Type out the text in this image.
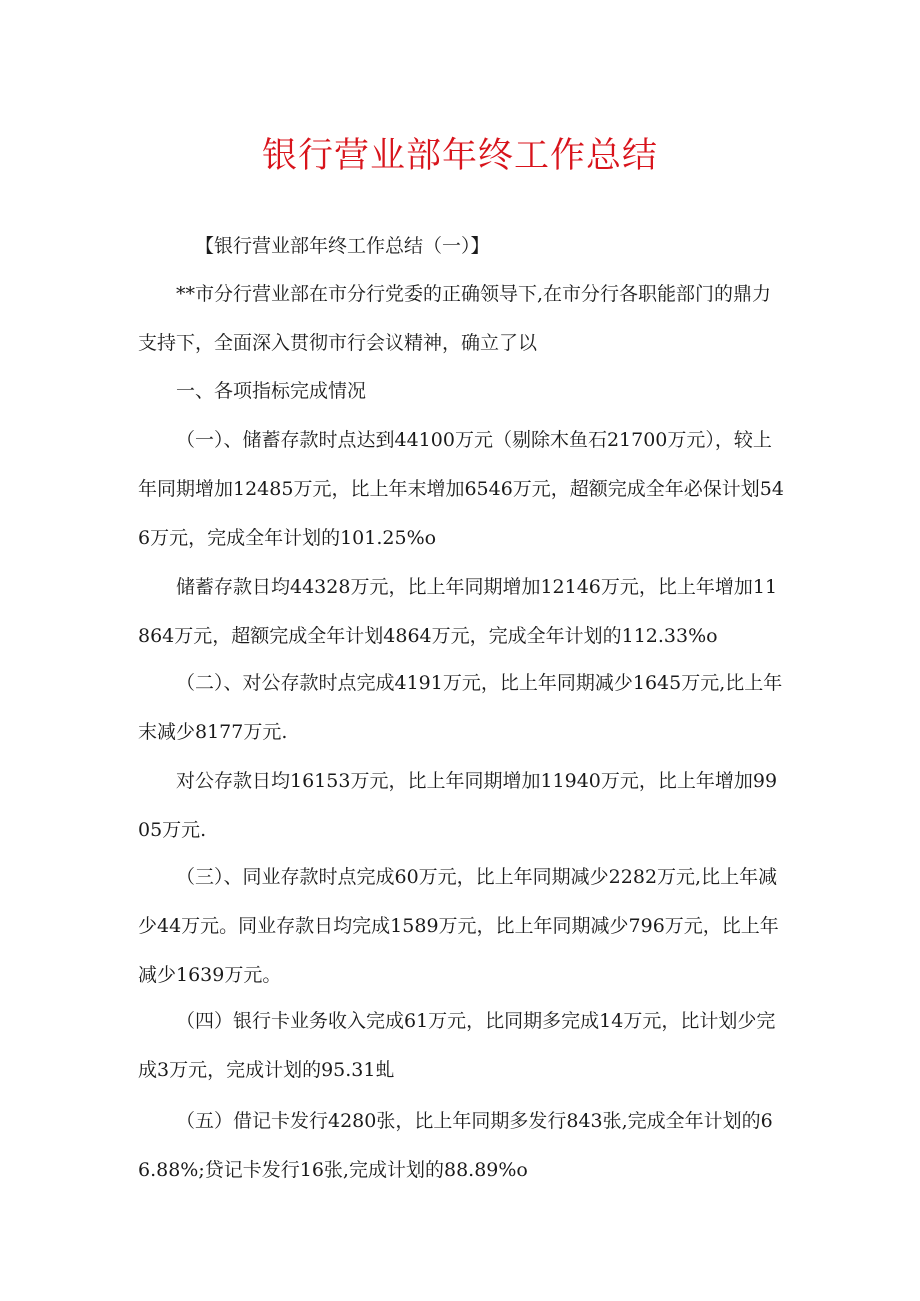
银行营业部年终工作总结

【银行营业部年终工作总结（一）】

**市分行营业部在市分行党委的正确领导下,在市分行各职能部门的鼎力支持下，全面深入贯彻市行会议精神，确立了以

一、各项指标完成情况

（一）、储蓄存款时点达到44100万元（剔除木鱼石21700万元），较上年同期增加12485万元，比上年末增加6546万元，超额完成全年必保计划546万元，完成全年计划的101.25%o

储蓄存款日均44328万元，比上年同期增加12146万元，比上年增加11864万元，超额完成全年计划4864万元，完成全年计划的112.33%o

（二）、对公存款时点完成4191万元，比上年同期减少1645万元,比上年末减少8177万元.

对公存款日均16153万元，比上年同期增加11940万元，比上年增加9905万元.

（三）、同业存款时点完成60万元，比上年同期减少2282万元,比上年减少44万元。同业存款日均完成1589万元，比上年同期减少796万元，比上年减少1639万元。

（四）银行卡业务收入完成61万元，比同期多完成14万元，比计划少完成3万元，完成计划的95.31虬

（五）借记卡发行4280张，比上年同期多发行843张,完成全年计划的66.88%;贷记卡发行16张,完成计划的88.89%o
